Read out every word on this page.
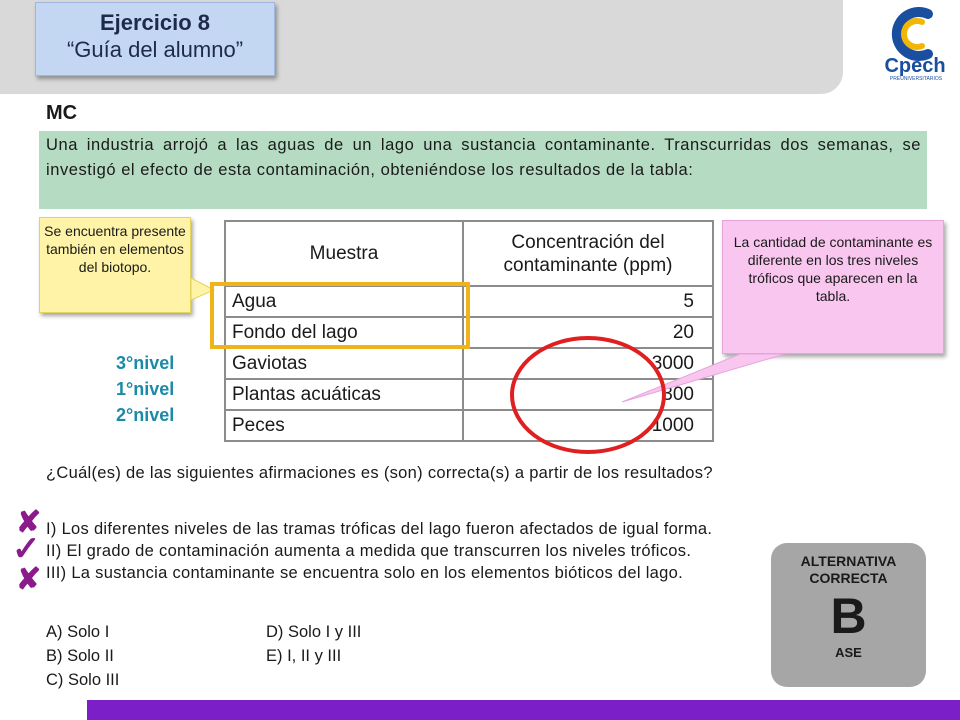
Ejercicio 8
“Guía del alumno”
Cpech
PREUNIVERSITARIOS
MC
Una industria arrojó a las aguas de un lago una sustancia contaminante. Transcurridas dos semanas, se investigó el efecto de esta contaminación, obteniéndose los resultados de la tabla:
Se encuentra presente también en elementos del biotopo.
La cantidad de contaminante es diferente en los tres niveles tróficos que aparecen en la tabla.
Muestra	Concentración del contaminante (ppm)
Agua	5
Fondo del lago	20
Gaviotas	3000
Plantas acuáticas	300
Peces	1000
3°nivel
1°nivel
2°nivel
¿Cuál(es) de las siguientes afirmaciones es (son) correcta(s) a partir de los resultados?
✘
✓
✘
I) Los diferentes niveles de las tramas tróficas del lago fueron afectados de igual forma.
II) El grado de contaminación aumenta a medida que transcurren los niveles tróficos.
III) La sustancia contaminante se encuentra solo en los elementos bióticos del lago.
A) Solo I	D) Solo I y III
B) Solo II	E) I, II y III
C) Solo III
ALTERNATIVA
CORRECTA
B
ASE
